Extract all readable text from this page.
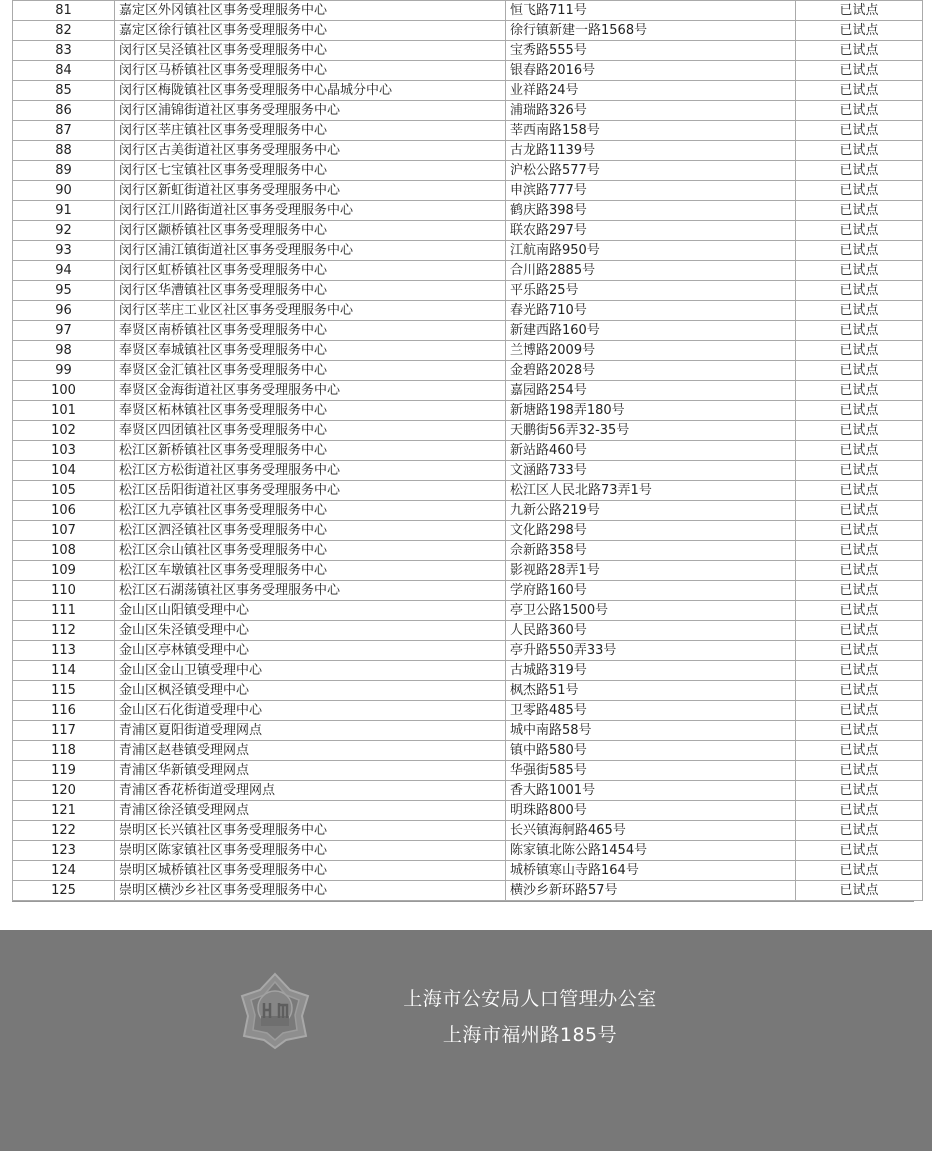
81	嘉定区外冈镇社区事务受理服务中心	恒飞路711号	已试点
82	嘉定区徐行镇社区事务受理服务中心	徐行镇新建一路1568号	已试点
83	闵行区吴泾镇社区事务受理服务中心	宝秀路555号	已试点
84	闵行区马桥镇社区事务受理服务中心	银春路2016号	已试点
85	闵行区梅陇镇社区事务受理服务中心晶城分中心	业祥路24号	已试点
86	闵行区浦锦街道社区事务受理服务中心	浦瑞路326号	已试点
87	闵行区莘庄镇社区事务受理服务中心	莘西南路158号	已试点
88	闵行区古美街道社区事务受理服务中心	古龙路1139号	已试点
89	闵行区七宝镇社区事务受理服务中心	沪松公路577号	已试点
90	闵行区新虹街道社区事务受理服务中心	申滨路777号	已试点
91	闵行区江川路街道社区事务受理服务中心	鹤庆路398号	已试点
92	闵行区颛桥镇社区事务受理服务中心	联农路297号	已试点
93	闵行区浦江镇街道社区事务受理服务中心	江航南路950号	已试点
94	闵行区虹桥镇社区事务受理服务中心	合川路2885号	已试点
95	闵行区华漕镇社区事务受理服务中心	平乐路25号	已试点
96	闵行区莘庄工业区社区事务受理服务中心	春光路710号	已试点
97	奉贤区南桥镇社区事务受理服务中心	新建西路160号	已试点
98	奉贤区奉城镇社区事务受理服务中心	兰博路2009号	已试点
99	奉贤区金汇镇社区事务受理服务中心	金碧路2028号	已试点
100	奉贤区金海街道社区事务受理服务中心	嘉园路254号	已试点
101	奉贤区柘林镇社区事务受理服务中心	新塘路198弄180号	已试点
102	奉贤区四团镇社区事务受理服务中心	天鹏街56弄32-35号	已试点
103	松江区新桥镇社区事务受理服务中心	新站路460号	已试点
104	松江区方松街道社区事务受理服务中心	文涵路733号	已试点
105	松江区岳阳街道社区事务受理服务中心	松江区人民北路73弄1号	已试点
106	松江区九亭镇社区事务受理服务中心	九新公路219号	已试点
107	松江区泗泾镇社区事务受理服务中心	文化路298号	已试点
108	松江区佘山镇社区事务受理服务中心	佘新路358号	已试点
109	松江区车墩镇社区事务受理服务中心	影视路28弄1号	已试点
110	松江区石湖荡镇社区事务受理服务中心	学府路160号	已试点
111	金山区山阳镇受理中心	亭卫公路1500号	已试点
112	金山区朱泾镇受理中心	人民路360号	已试点
113	金山区亭林镇受理中心	亭升路550弄33号	已试点
114	金山区金山卫镇受理中心	古城路319号	已试点
115	金山区枫泾镇受理中心	枫杰路51号	已试点
116	金山区石化街道受理中心	卫零路485号	已试点
117	青浦区夏阳街道受理网点	城中南路58号	已试点
118	青浦区赵巷镇受理网点	镇中路580号	已试点
119	青浦区华新镇受理网点	华强街585号	已试点
120	青浦区香花桥街道受理网点	香大路1001号	已试点
121	青浦区徐泾镇受理网点	明珠路800号	已试点
122	崇明区长兴镇社区事务受理服务中心	长兴镇海舸路465号	已试点
123	崇明区陈家镇社区事务受理服务中心	陈家镇北陈公路1454号	已试点
124	崇明区城桥镇社区事务受理服务中心	城桥镇寒山寺路164号	已试点
125	崇明区横沙乡社区事务受理服务中心	横沙乡新环路57号	已试点
上海市公安局人口管理办公室
上海市福州路185号
